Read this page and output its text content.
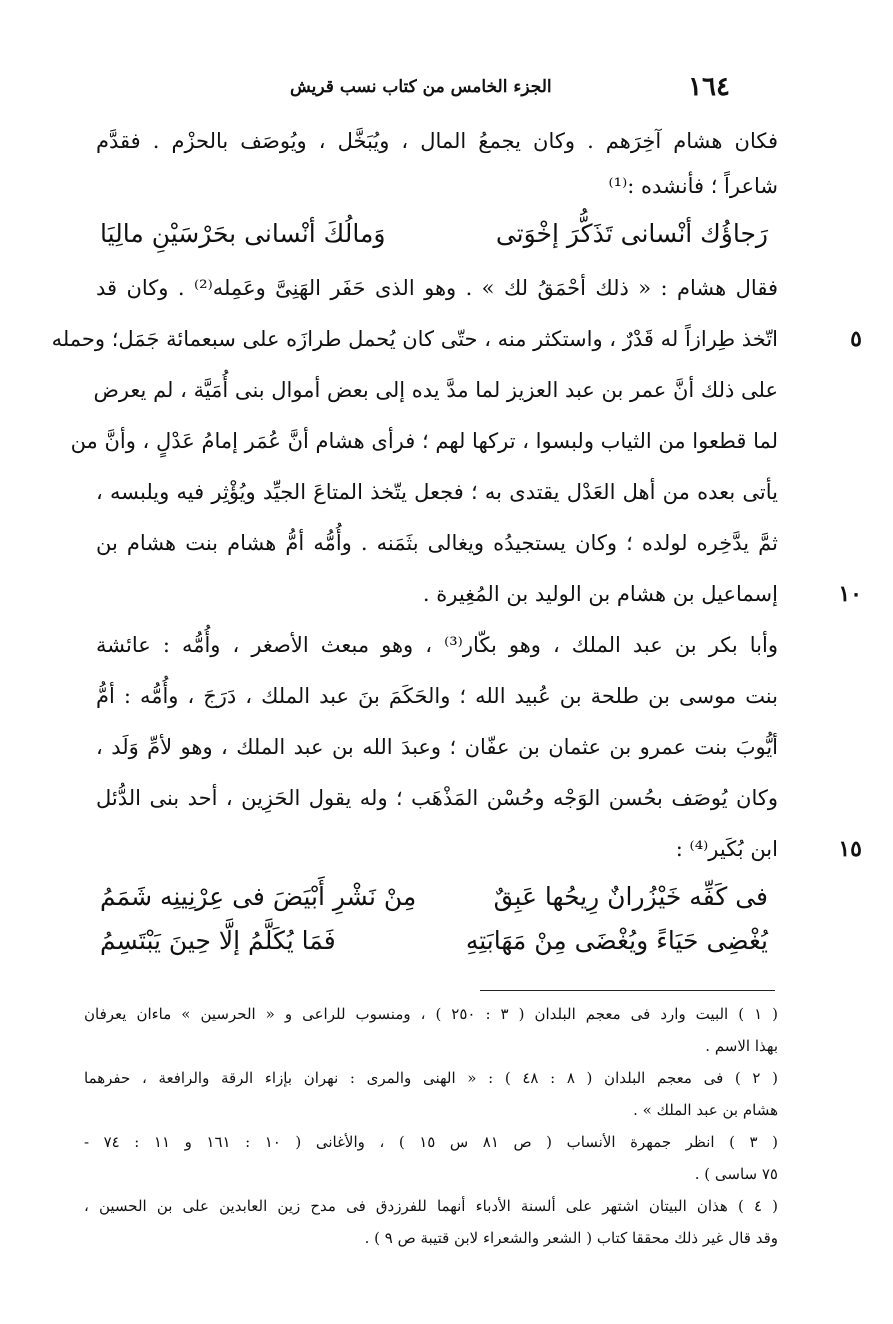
١٦٤
الجزء الخامس من كتاب نسب قريش
فكان هشام آخِرَهم . وكان يجمعُ المال ، ويُبَخَّل ، ويُوصَف بالحزْم . فقدَّم
شاعراً ؛ فأنشده :⁽¹⁾
رَجاؤُك أنْسانى تَذَكُّرَ إخْوَتى
وَمالُكَ أنْسانى بحَرْسَيْنِ مالِيَا
فقال هشام : « ذلك أحْمَقُ لك » . وهو الذى حَفَر الهَنِىَّ وعَمِله⁽²⁾ . وكان قد
٥
اتّخذ طِرازاً له قَدْرٌ ، واستكثر منه ، حتّى كان يُحمل طرازَه على سبعمائة جَمَل؛ وحمله
على ذلك أنَّ عمر بن عبد العزيز لما مدَّ يده إلى بعض أموال بنى أُمَيَّة ، لم يعرض
لما قطعوا من الثياب ولبسوا ، تركها لهم ؛ فرأى هشام أنَّ عُمَر إمامُ عَدْلٍ ، وأنَّ من
يأتى بعده من أهل العَدْل يقتدى به ؛ فجعل يتّخذ المتاعَ الجيِّد ويُؤْثِر فيه ويلبسه ،
ثمَّ يدَّخِره لولده ؛ وكان يستجيدُه ويغالى بثَمَنه . وأُمُّه أمُّ هشام بنت هشام بن
١٠
إسماعيل بن هشام بن الوليد بن المُغِيرة .
وأبا بكر بن عبد الملك ، وهو بكّار⁽³⁾ ، وهو مبعث الأصغر ، وأُمُّه : عائشة
بنت موسى بن طلحة بن عُبيد الله ؛ والحَكَمَ بنَ عبد الملك ، دَرَجَ ، وأُمُّه : أمُّ
أيُّوبَ بنت عمرو بن عثمان بن عفّان ؛ وعبدَ الله بن عبد الملك ، وهو لأمِّ وَلَد ،
وكان يُوصَف بحُسن الوَجْه وحُسْن المَذْهَب ؛ وله يقول الحَزِين ، أحد بنى الدُّئل
١٥
ابن بُكَير⁽⁴⁾ :
فى كَفِّه خَيْزُرانٌ رِيحُها عَبِقٌ
مِنْ نَشْرِ أَبْيَضَ فى عِرْنِينِه شَمَمُ
يُغْضِى حَيَاءً ويُغْضَى مِنْ مَهَابَتِهِ
فَمَا يُكَلَّمُ إلَّا حِينَ يَبْتَسِمُ
( ١ ) البيت وارد فى معجم البلدان ( ٣ : ٢٥٠ ) ، ومنسوب للراعى و « الحرسين » ماءان يعرفان
بهذا الاسم .
( ٢ ) فى معجم البلدان ( ٨ : ٤٨ ) : « الهنى والمرى : نهران بإزاء الرقة والرافعة ، حفرهما
هشام بن عبد الملك » .
( ٣ ) انظر جمهرة الأنساب ( ص ٨١ س ١٥ ) ، والأغانى ( ١٠ : ١٦١ و ١١ : ٧٤ -
٧٥ ساسى ) .
( ٤ ) هذان البيتان اشتهر على ألسنة الأدباء أنهما للفرزدق فى مدح زين العابدين على بن الحسين ،
وقد قال غير ذلك محققا كتاب ( الشعر والشعراء لابن قتيبة ص ٩ ) .
